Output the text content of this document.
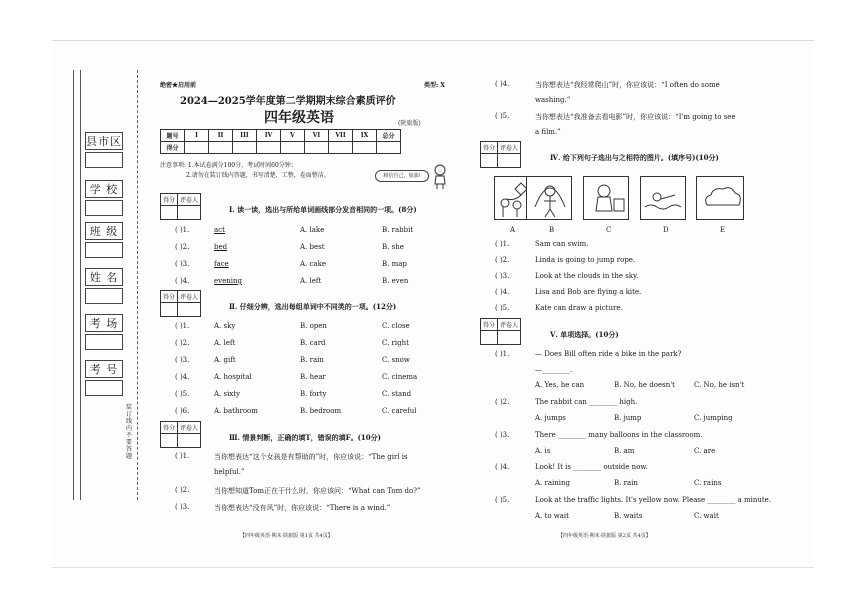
县市区
学 校
班 级
姓 名
考 场
考 号
装订线内不要答题
绝密★启用前	类型: X
2024—2025学年度第二学期期末综合素质评价
四年级英语	(陕旅版)
题号	I	II	III	IV	V	VI	VII	IX	总分
得分									
注意事项: 1.本试卷满分100分，考试时间60分钟；
2.请勿在装订线内答题，书写清楚，工整，卷面整洁。	相信自己，加油!
得分	评卷人

Ⅰ. 读一读，选出与所给单词画线部分发音相同的一项。(8分)
( )1.	act	A. lake	B. rabbit
( )2.	bed	A. best	B. she
( )3.	face	A. cake	B. map
( )4.	evening	A. left	B. even
得分	评卷人

Ⅱ. 仔细分辨，选出每组单词中不同类的一项。(12分)
( )1.	A. sky	B. open	C. close
( )2.	A. left	B. card	C. right
( )3.	A. gift	B. rain	C. snow
( )4.	A. hospital	B. hear	C. cinema
( )5.	A. sixty	B. forty	C. stand
( )6.	A. bathroom	B. bedroom	C. careful
得分	评卷人

Ⅲ. 情景判断，正确的填T，错误的填F。(10分)
( )1.	当你想表达“这个女孩是有帮助的”时，你应该说：“The girl is
helpful.”
( )2.	当你想知道Tom正在干什么时，你应该问：“What can Tom do?”
( )3.	当你想表达“没有风”时，你应该说：“There is a wind.”
【四年级英语·期末·陕旅版 第1页 共4页】
( )4.	当你想表达“我经常爬山”时，你应该说：“I often do some
washing.”
( )5.	当你想表达“我准备去看电影”时，你应该说：“I'm going to see
a film.”
得分	评卷人

Ⅳ. 给下列句子选出与之相符的图片。(填序号)(10分)
A	B	C	D	E
( )1.	Sam can swim.
( )2.	Linda is going to jump rope.
( )3.	Look at the clouds in the sky.
( )4.	Lisa and Bob are flying a kite.
( )5.	Kate can draw a picture.
得分	评卷人

Ⅴ. 单项选择。(10分)
( )1.	— Does Bill often ride a bike in the park?
—________.
A. Yes, he can	B. No, he doesn't	C. No, he isn't
( )2.	The rabbit can ________ high.
A. jumps	B. jump	C. jumping
( )3.	There ________ many balloons in the classroom.
A. is	B. am	C. are
( )4.	Look! It is ________ outside now.
A. raining	B. rain	C. rains
( )5.	Look at the traffic lights. It's yellow now. Please ________ a minute.
A. to wait	B. waits	C. wait
【四年级英语·期末·陕旅版 第2页 共4页】
